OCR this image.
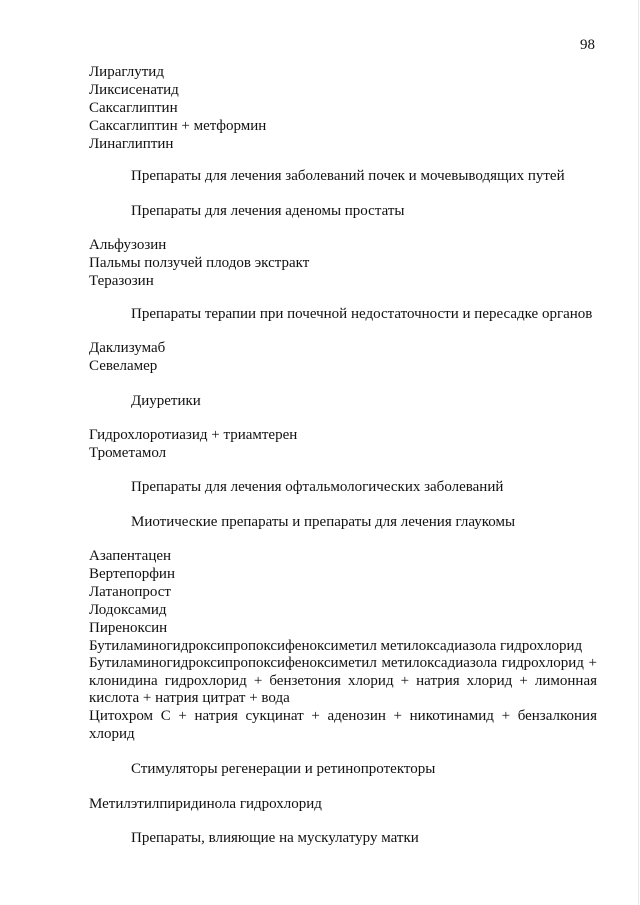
98
Лираглутид
Ликсисенатид
Саксаглиптин
Саксаглиптин + метформин
Линаглиптин
Препараты для лечения заболеваний почек и мочевыводящих путей
Препараты для лечения аденомы простаты
Альфузозин
Пальмы ползучей плодов экстракт
Теразозин
Препараты терапии при почечной недостаточности и пересадке органов
Даклизумаб
Севеламер
Диуретики
Гидрохлоротиазид + триамтерен
Трометамол
Препараты для лечения офтальмологических заболеваний
Миотические препараты и препараты для лечения глаукомы
Азапентацен
Вертепорфин
Латанопрост
Лодоксамид
Пиреноксин
Бутиламиногидроксипропоксифеноксиметил метилоксадиазола гидрохлорид
Бутиламиногидроксипропоксифеноксиметил метилоксадиазола гидрохлорид + клонидина гидрохлорид + бензетония хлорид + натрия хлорид + лимонная кислота + натрия цитрат + вода
Цитохром С + натрия сукцинат + аденозин + никотинамид + бензалкония хлорид
Стимуляторы регенерации и ретинопротекторы
Метилэтилпиридинола гидрохлорид
Препараты, влияющие на мускулатуру матки
